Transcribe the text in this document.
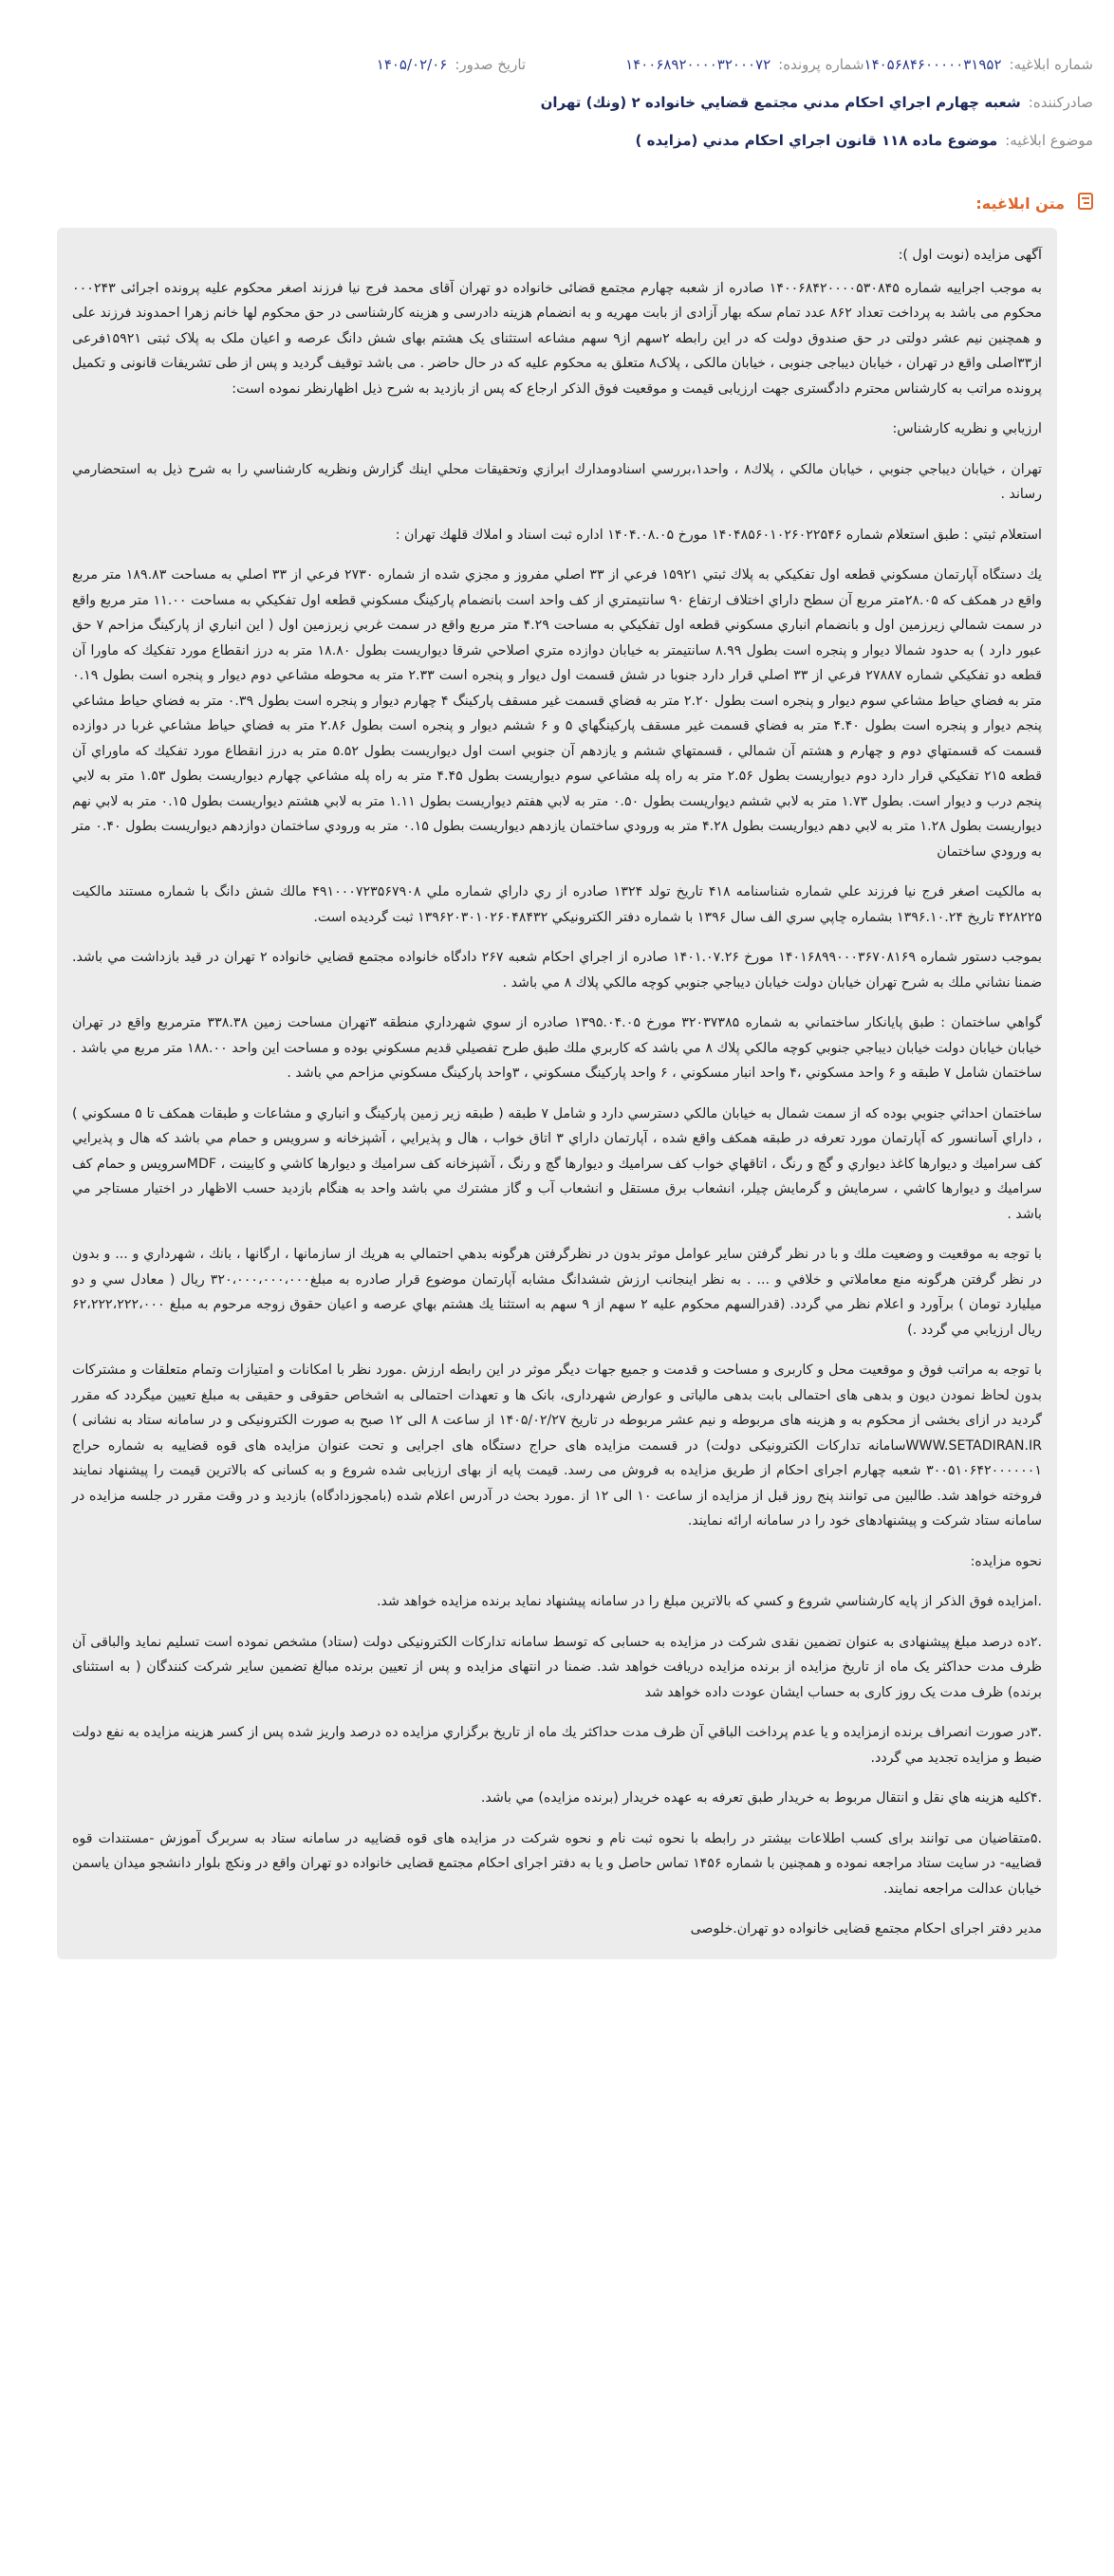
شماره ابلاغيه:
۱۴۰۵۶۸۴۶۰۰۰۰۰۳۱۹۵۲
شماره پرونده:
۱۴۰۰۶۸۹۲۰۰۰۰۳۲۰۰۰۷۲
تاريخ صدور:
۱۴۰۵/۰۲/۰۶
صادرکننده:
شعبه چهارم اجراي احکام مدني مجتمع قضايي خانواده ۲ (ونك) تهران
موضوع ابلاغيه:
موضوع ماده ۱۱۸ قانون اجراي احکام مدني (مزايده )
متن ابلاغيه:

آگهی مزایده (نوبت اول ):

به موجب اجراییه شماره ۱۴۰۰۶۸۴۲۰۰۰۰۵۳۰۸۴۵ صادره از شعبه چهارم مجتمع قضائی خانواده دو تهران آقای محمد فرج نیا فرزند اصغر محکوم علیه پرونده اجرائی ۰۰۰۲۴۳ محکوم می باشد به پرداخت تعداد ۸۶۲ عدد تمام سکه بهار آزادی از بابت مهریه و به انضمام هزینه دادرسی و هزینه کارشناسی در حق محکوم لها خانم زهرا احمدوند فرزند علی و همچنین نیم عشر دولتی در حق صندوق دولت که در این رابطه ۲سهم از۹ سهم مشاعه استثنای یک هشتم بهای شش دانگ عرصه و اعیان ملک به پلاک ثبتی ۱۵۹۲۱فرعی از۳۳اصلی واقع در تهران ، خیابان دیباجی جنوبی ، خیابان مالکی ، پلاک۸ متعلق به محکوم علیه که در حال حاضر . می باشد توقیف گردید و پس از طی تشریفات قانونی و تکمیل پرونده مراتب به کارشناس محترم دادگستری جهت ارزیابی قیمت و موقعیت فوق الذکر ارجاع که پس از بازدید به شرح ذیل اظهارنظر نموده است:

ارزيابي و نظريه كارشناس:

تهران ، خيابان ديباجي جنوبي ، خيابان مالكي ، پلاك۸ ، واحد۱،بررسي اسنادومدارك ابرازي وتحقيقات محلي اينك گزارش ونظريه كارشناسي را به شرح ذيل به استحضارمي رساند .

استعلام ثبتي : طبق استعلام شماره ۱۴۰۴۸۵۶۰۱۰۲۶۰۲۲۵۴۶ مورخ ۱۴۰۴.۰۸.۰۵ اداره ثبت اسناد و املاك قلهك تهران :

يك دستگاه آپارتمان مسكوني قطعه اول تفكيكي به پلاك ثبتي ۱۵۹۲۱ فرعي از ۳۳ اصلي مفروز و مجزي شده از شماره ۲۷۳۰ فرعي از ۳۳ اصلي به مساحت ۱۸۹.۸۳ متر مربع واقع در همكف كه ۲۸.۰۵متر مربع آن سطح داراي اختلاف ارتفاع ۹۰ سانتيمتري از كف واحد است بانضمام پاركينگ مسكوني قطعه اول تفكيكي به مساحت ۱۱.۰۰ متر مربع واقع در سمت شمالي زيرزمين اول و بانضمام انباري مسكوني قطعه اول تفكيكي به مساحت ۴.۲۹ متر مربع واقع در سمت غربي زيرزمين اول ( اين انباري از پاركينگ مزاحم ۷ حق عبور دارد ) به حدود شمالا ديوار و پنجره است بطول ۸.۹۹ سانتيمتر به خيابان دوازده متري اصلاحي شرقا ديواريست بطول ۱۸.۸۰ متر به درز انقطاع مورد تفكيك كه ماورا آن قطعه دو تفكيكي شماره ۲۷۸۸۷ فرعي از ۳۳ اصلي قرار دارد جنوبا در شش قسمت اول ديوار و پنجره است ۲.۳۳ متر به محوطه مشاعي دوم ديوار و پنجره است بطول ۰.۱۹ متر به فضاي حياط مشاعي سوم ديوار و پنجره است بطول ۲.۲۰ متر به فضاي قسمت غير مسقف پاركينگ ۴ چهارم ديوار و پنجره است بطول ۰.۳۹ متر به فضاي حياط مشاعي پنجم ديوار و پنجره است بطول ۴.۴۰ متر به فضاي قسمت غير مسقف پاركينگهاي ۵ و ۶ ششم ديوار و پنجره است بطول ۲.۸۶ متر به فضاي حياط مشاعي غربا در دوازده قسمت كه قسمتهاي دوم و چهارم و هشتم آن شمالي ، قسمتهاي ششم و يازدهم آن جنوبي است اول ديواريست بطول ۵.۵۲ متر به درز انقطاع مورد تفكيك كه ماوراي آن قطعه ۲۱۵ تفكيكي قرار دارد دوم ديواريست بطول ۲.۵۶ متر به راه پله مشاعي سوم ديواريست بطول ۴.۴۵ متر به راه پله مشاعي چهارم ديواريست بطول ۱.۵۳ متر به لابي پنجم درب و ديوار است. بطول ۱.۷۳ متر به لابي ششم ديواريست بطول ۰.۵۰ متر به لابي هفتم ديواريست بطول ۱.۱۱ متر به لابي هشتم ديواريست بطول ۰.۱۵ متر به لابي نهم ديواريست بطول ۱.۲۸ متر به لابي دهم ديواريست بطول ۴.۲۸ متر به ورودي ساختمان يازدهم ديواريست بطول ۰.۱۵ متر به ورودي ساختمان دوازدهم ديواريست بطول ۰.۴۰ متر به ورودي ساختمان

به مالكيت اصغر فرج نيا فرزند علي شماره شناسنامه ۴۱۸ تاريخ تولد ۱۳۲۴ صادره از ري داراي شماره ملي ۴۹۱۰۰۰۷۲۳۵۶۷۹۰۸ مالك شش دانگ با شماره مستند مالكيت ۴۲۸۲۲۵ تاريخ ۱۳۹۶.۱۰.۲۴ بشماره چاپي سري الف سال ۱۳۹۶ با شماره دفتر الكترونيكي ۱۳۹۶۲۰۳۰۱۰۲۶۰۴۸۴۳۲ ثبت گرديده است.

بموجب دستور شماره ۱۴۰۱۶۸۹۹۰۰۰۳۶۷۰۸۱۶۹ مورخ ۱۴۰۱.۰۷.۲۶ صادره از اجراي احكام شعبه ۲۶۷ دادگاه خانواده مجتمع قضايي خانواده ۲ تهران در قيد بازداشت مي باشد. ضمنا نشاني ملك به شرح تهران خيابان دولت خيابان ديباجي جنوبي كوچه مالكي پلاك ۸ مي باشد .

گواهي ساختمان : طبق پايانكار ساختماني به شماره ۳۲۰۳۷۳۸۵ مورخ ۱۳۹۵.۰۴.۰۵ صادره از سوي شهرداري منطقه ۳تهران مساحت زمين ۳۳۸.۳۸ مترمربع واقع در تهران خيابان خيابان دولت خيابان ديباجي جنوبي كوچه مالكي پلاك ۸ مي باشد كه كاربري ملك طبق طرح تفصيلي قديم مسكوني بوده و مساحت اين واحد ۱۸۸.۰۰ متر مربع مي باشد . ساختمان شامل ۷ طبقه و ۶ واحد مسكوني ،۴ واحد انبار مسكوني ، ۶ واحد پاركينگ مسكوني ، ۳واحد پاركينگ مسكوني مزاحم مي باشد .

ساختمان احداثي جنوبي بوده كه از سمت شمال به خيابان مالكي دسترسي دارد و شامل ۷ طبقه ( طبقه زير زمين پاركينگ و انباري و مشاعات و طبقات همكف تا ۵ مسكوني ) ، داراي آسانسور كه آپارتمان مورد تعرفه در طبقه همكف واقع شده ، آپارتمان داراي ۳ اتاق خواب ، هال و پذيرايي ، آشپزخانه و سرويس و حمام مي باشد كه هال و پذيرايي كف سراميك و ديوارها كاغذ ديواري و گچ و رنگ ، اتاقهاي خواب كف سراميك و ديوارها گچ و رنگ ، آشپزخانه كف سراميك و ديوارها كاشي و كابينت ، MDFسرويس و حمام كف سراميك و ديوارها كاشي ، سرمايش و گرمايش چيلر، انشعاب برق مستقل و انشعاب آب و گاز مشترك مي باشد واحد به هنگام بازديد حسب الاظهار در اختيار مستاجر مي باشد .

با توجه به موقعيت و وضعيت ملك و با در نظر گرفتن ساير عوامل موثر بدون در نظرگرفتن هرگونه بدهي احتمالي به هريك از سازمانها ، ارگانها ، بانك ، شهرداري و ... و بدون در نظر گرفتن هرگونه منع معاملاتي و خلافي و ... . به نظر اينجانب ارزش ششدانگ مشابه آپارتمان موضوع قرار صادره به مبلغ۳۲۰،۰۰۰،۰۰۰،۰۰۰ ريال ( معادل سي و دو ميليارد تومان ) برآورد و اعلام نظر مي گردد. (قدرالسهم محكوم عليه ۲ سهم از ۹ سهم به استثنا يك هشتم بهاي عرصه و اعيان حقوق زوجه مرحوم به مبلغ ۶۲،۲۲۲،۲۲۲،۰۰۰ ريال ارزيابي مي گردد .)

با توجه به مراتب فوق و موقعیت محل و کاربری و مساحت و قدمت و جمیع جهات دیگر موثر در این رابطه ارزش .مورد نظر با امکانات و امتیازات وتمام متعلقات و مشترکات بدون لحاظ نمودن دیون و بدهی های احتمالی بابت بدهی مالیاتی و عوارض شهرداری، بانک ها و تعهدات احتمالی به اشخاص حقوقی و حقیقی به مبلغ تعیین میگردد که مقرر گردید در ازای بخشی از محکوم به و هزینه های مربوطه و نیم عشر مربوطه در تاریخ ۱۴۰۵/۰۲/۲۷ از ساعت ۸ الی ۱۲ صبح به صورت الکترونیکی و در سامانه ستاد به نشانی ) WWW.SETADIRAN.IRسامانه تدارکات الکترونیکی دولت) در قسمت مزایده های حراج دستگاه های اجرایی و تحت عنوان مزایده های قوه قضاییه به شماره حراج ۳۰۰۵۱۰۶۴۲۰۰۰۰۰۰۱ شعبه چهارم اجرای احکام از طریق مزایده به فروش می رسد. قیمت پایه از بهای ارزیابی شده شروع و به کسانی که بالاترین قیمت را پیشنهاد نمایند فروخته خواهد شد. طالبین می توانند پنج روز قبل از مزایده از ساعت ۱۰ الی ۱۲ از .مورد بحث در آدرس اعلام شده (بامجوزدادگاه) بازدید و در وقت مقرر در جلسه مزایده در سامانه ستاد شرکت و پیشنهادهای خود را در سامانه ارائه نمایند.

نحوه مزايده:

.امزايده فوق الذكر از پايه كارشناسي شروع و كسي كه بالاترين مبلغ را در سامانه پيشنهاد نمايد برنده مزايده خواهد شد.

.۲ده درصد مبلغ پیشنهادی به عنوان تضمین نقدی شرکت در مزایده به حسابی که توسط سامانه تدارکات الکترونیکی دولت (ستاد) مشخص نموده است تسلیم نماید والباقی آن ظرف مدت حداکثر یک ماه از تاریخ مزایده از برنده مزایده دریافت خواهد شد. ضمنا در انتهای مزایده و پس از تعیین برنده مبالغ تضمین سایر شرکت کنندگان ( به استثنای برنده) ظرف مدت یک روز کاری به حساب ایشان عودت داده خواهد شد

.۳در صورت انصراف برنده ازمزايده و يا عدم پرداخت الباقي آن ظرف مدت حداكثر يك ماه از تاريخ برگزاري مزايده ده درصد واريز شده پس از كسر هزينه مزايده به نفع دولت ضبط و مزايده تجديد مي گردد.

.۴كليه هزينه هاي نقل و انتقال مربوط به خريدار طبق تعرفه به عهده خريدار (برنده مزايده) مي باشد.

.۵متقاضیان می توانند برای کسب اطلاعات بیشتر در رابطه با نحوه ثبت نام و نحوه شرکت در مزایده های قوه قضاییه در سامانه ستاد به سربرگ آموزش -مستندات قوه قضاییه- در سایت ستاد مراجعه نموده و همچنین با شماره ۱۴۵۶ تماس حاصل و یا به دفتر اجرای احکام مجتمع قضایی خانواده دو تهران واقع در ونکچ بلوار دانشجو میدان یاسمن خیابان عدالت مراجعه نمایند.

مدیر دفتر اجرای احکام مجتمع قضایی خانواده دو تهران.خلوصی
